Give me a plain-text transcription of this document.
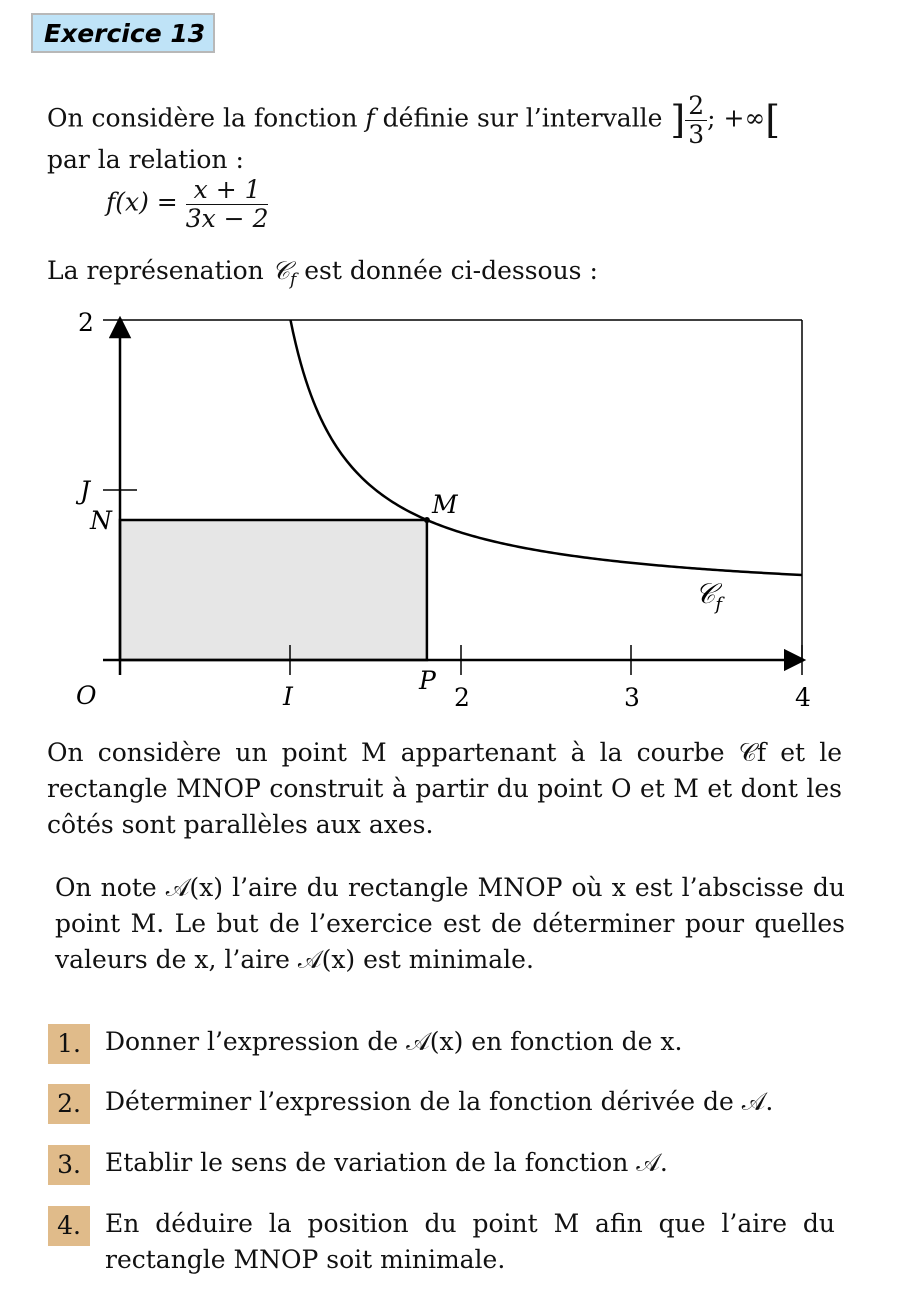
Exercice 13
On considère la fonction f définie sur l’intervalle ] $\frac{2}{3}$ ; +∞[
par la relation :
$f(x) = \frac{x + 1}{3x - 2}$
La représenation 𝒞$_f$ est donnée ci-dessous :
2
J
N
M
O	I
P
2	3	4
𝒞$_f$
On considère un point M appartenant à la courbe 𝒞f et le rectangle MNOP construit à partir du point O et M et dont les côtés sont parallèles aux axes.
On note 𝒜(x) l’aire du rectangle MNOP où x est l’abscisse du point M. Le but de l’exercice est de déterminer pour quelles valeurs de x, l’aire 𝒜(x) est minimale.
1. Donner l’expression de 𝒜(x) en fonction de x.
2. Déterminer l’expression de la fonction dérivée de 𝒜.
3. Etablir le sens de variation de la fonction 𝒜.
4. En déduire la position du point M afin que l’aire du rectangle MNOP soit minimale.
